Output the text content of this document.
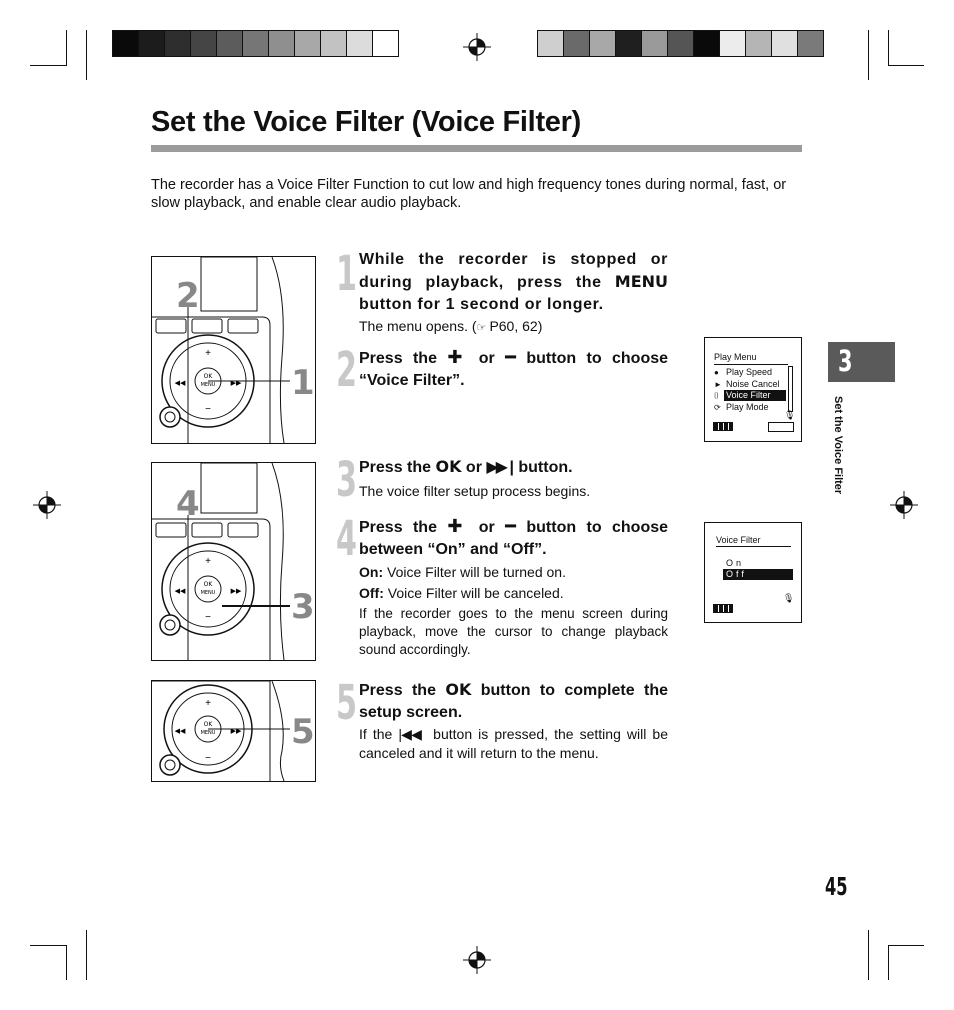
Set the Voice Filter (Voice Filter)
The recorder has a Voice Filter Function to cut low and high frequency tones during normal, fast, or slow playback, and enable clear audio playback.
OK
MENU
+
−
◀◀	▶▶
2
1
OK
MENU
+
−
◀◀	▶▶
4
3
OK
MENU
+
−
◀◀	▶▶ 5
1
2
3
4
5
While the recorder is stopped or during playback, press the MENU button for 1 second or longer.
The menu opens. (☞ P60, 62)
Press the ✚ or ━ button to choose “Voice Filter”.
Press the OK or ▶▶ | button.
The voice filter setup process begins.
Press the ✚ or ━ button to choose between “On” and “Off”.
On: Voice Filter will be turned on.
Off: Voice Filter will be canceled.
If the recorder goes to the menu screen during playback, move the cursor to change playback sound accordingly.
Press the OK button to complete the setup screen.
If the |◀◀  button is pressed, the setting will be canceled and it will return to the menu.
Play Menu
● Play Speed
► Noise Cancel
⌷ Voice Filter
⟳ Play Mode
🎙
Voice Filter
On
Off
🎙
3
Set the Voice Filter
45
